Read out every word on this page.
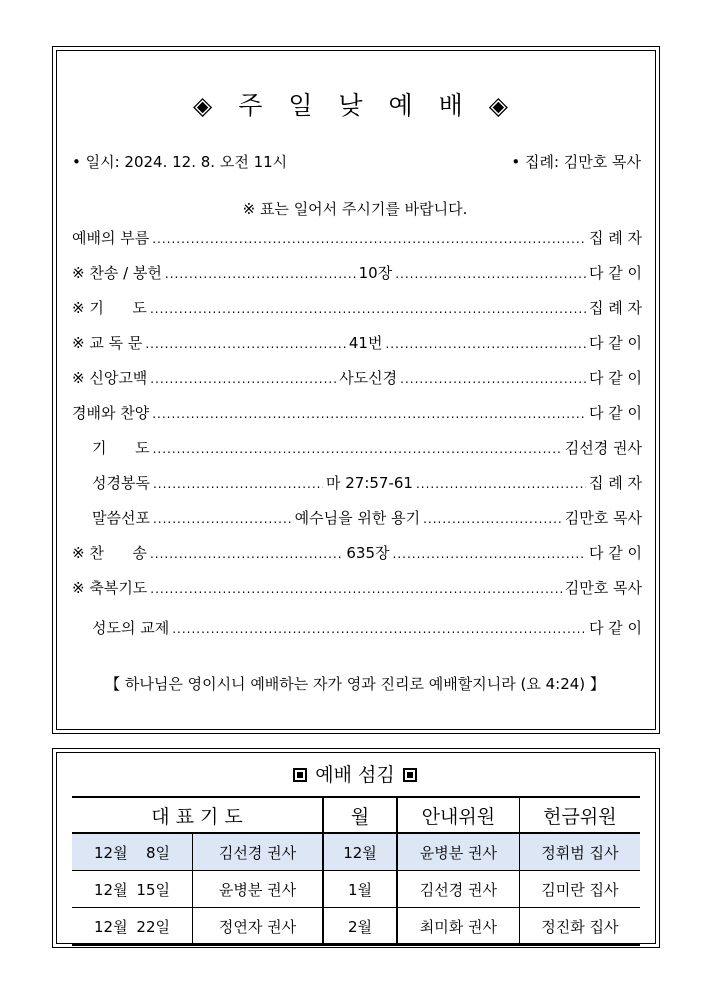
◈ 주 일 낮 예 배 ◈
• 일시: 2024. 12. 8. 오전 11시	• 집례: 김만호 목사
※ 표는 일어서 주시기를 바랍니다.
예배의 부름 .....	집 례 자
※ 찬송 / 봉헌 .....	10장 .....	다 같 이
※ 기      도 .....	집 례 자
※ 교 독 문 .....	41번 .....	다 같 이
※ 신앙고백 .....	사도신경 .....	다 같 이
경배와 찬양 .....	다 같 이
기      도 .....	김선경 권사
성경봉독 .....	마 27:57-61 .....	집 례 자
말씀선포 .....	예수님을 위한 용기 .....	김만호 목사
※ 찬      송 .....	635장 .....	다 같 이
※ 축복기도 .....	김만호 목사
성도의 교제 .....	다 같 이
【 하나님은 영이시니 예배하는 자가 영과 진리로 예배할지니라 (요 4:24) 】
예배 섬김
대 표 기 도		월	안내위원	헌금위원
12월 8일	김선경 권사	12월	윤병분 권사	정휘범 집사
12월 15일	윤병분 권사	1월	김선경 권사	김미란 집사
12월 22일	정연자 권사	2월	최미화 권사	정진화 집사
